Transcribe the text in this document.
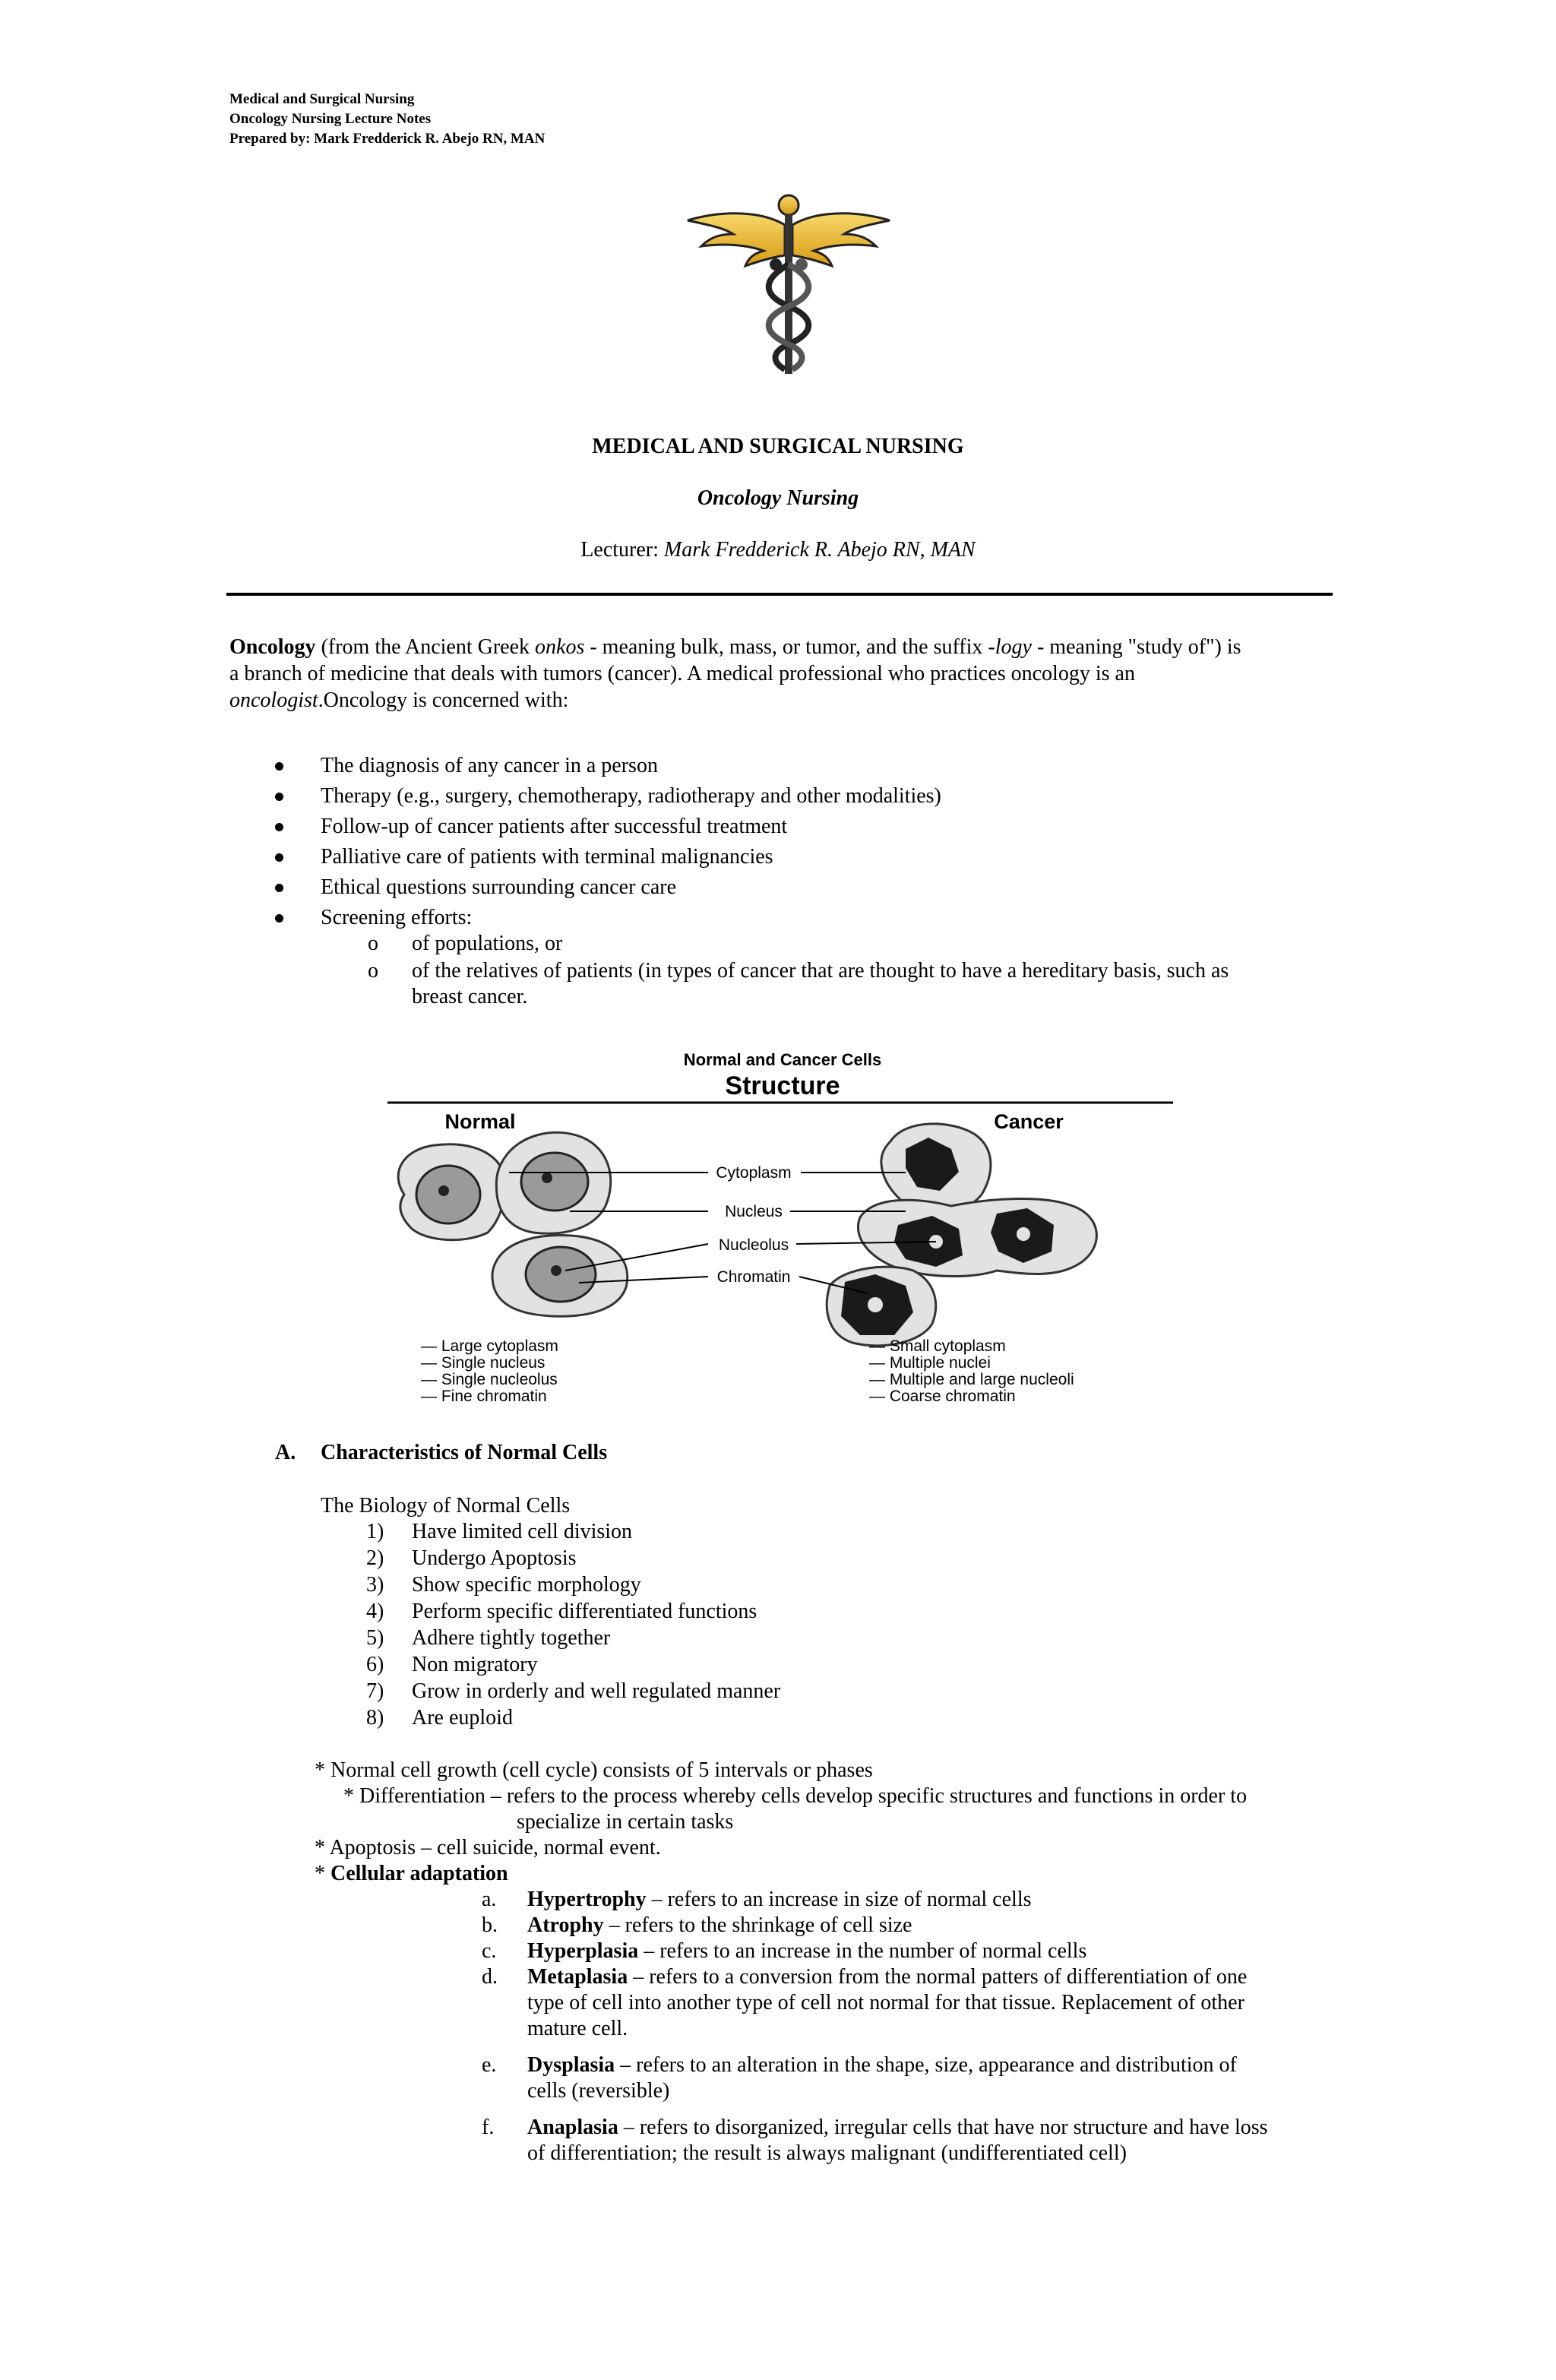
Medical and Surgical Nursing
Oncology Nursing Lecture Notes
Prepared by: Mark Fredderick R. Abejo RN, MAN
MEDICAL AND SURGICAL NURSING
Oncology Nursing
Lecturer: Mark Fredderick R. Abejo RN, MAN
Oncology (from the Ancient Greek onkos - meaning bulk, mass, or tumor, and the suffix -logy - meaning "study of") is
a branch of medicine that deals with tumors (cancer). A medical professional who practices oncology is an
oncologist.Oncology is concerned with:
The diagnosis of any cancer in a person
Therapy (e.g., surgery, chemotherapy, radiotherapy and other modalities)
Follow-up of cancer patients after successful treatment
Palliative care of patients with terminal malignancies
Ethical questions surrounding cancer care
Screening efforts:
o of populations, or
o of the relatives of patients (in types of cancer that are thought to have a hereditary basis, such as
breast cancer.
Normal and Cancer Cells
Structure
Normal	Cancer
Cytoplasm
Nucleus
Nucleolus
Chromatin
— Large cytoplasm
— Single nucleus
— Single nucleolus
— Fine chromatin
— Small cytoplasm
— Multiple nuclei
— Multiple and large nucleoli
— Coarse chromatin
A. Characteristics of Normal Cells
The Biology of Normal Cells
1) Have limited cell division
2) Undergo Apoptosis
3) Show specific morphology
4) Perform specific differentiated functions
5) Adhere tightly together
6) Non migratory
7) Grow in orderly and well regulated manner
8) Are euploid
* Normal cell growth (cell cycle) consists of 5 intervals or phases
* Differentiation – refers to the process whereby cells develop specific structures and functions in order to
specialize in certain tasks
* Apoptosis – cell suicide, normal event.
* Cellular adaptation
a. Hypertrophy – refers to an increase in size of normal cells
b. Atrophy – refers to the shrinkage of cell size
c. Hyperplasia – refers to an increase in the number of normal cells
d. Metaplasia – refers to a conversion from the normal patters of differentiation of one
type of cell into another type of cell not normal for that tissue. Replacement of other
mature cell.
e. Dysplasia – refers to an alteration in the shape, size, appearance and distribution of
cells (reversible)
f. Anaplasia – refers to disorganized, irregular cells that have nor structure and have loss
of differentiation; the result is always malignant (undifferentiated cell)
